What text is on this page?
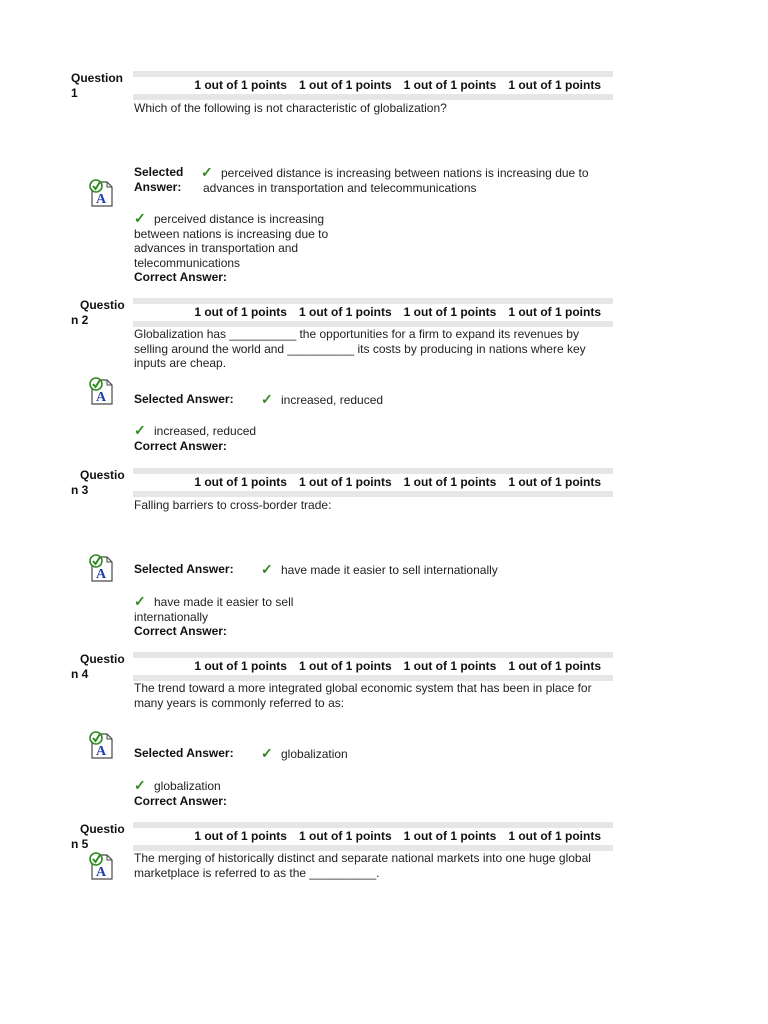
Question
1
1 out of 1 points 1 out of 1 points 1 out of 1 points 1 out of 1 points
Which of the following is not characteristic of globalization?
A
Selected
Answer:
✓ perceived distance is increasing between nations is increasing due to
advances in transportation and telecommunications
✓ perceived distance is increasing between nations is increasing due to advances in transportation and telecommunications
Correct Answer:
Questio
n 2
1 out of 1 points 1 out of 1 points 1 out of 1 points 1 out of 1 points
Globalization has __________ the opportunities for a firm to expand its revenues by selling around the world and __________ its costs by producing in nations where key inputs are cheap.
A Selected Answer: ✓ increased, reduced
✓ increased, reduced
Correct Answer:
Questio
n 3
1 out of 1 points 1 out of 1 points 1 out of 1 points 1 out of 1 points
Falling barriers to cross-border trade:
A Selected Answer: ✓ have made it easier to sell internationally
✓ have made it easier to sell internationally
Correct Answer:
Questio
n 4
1 out of 1 points 1 out of 1 points 1 out of 1 points 1 out of 1 points
The trend toward a more integrated global economic system that has been in place for many years is commonly referred to as:
A Selected Answer: ✓ globalization
✓ globalization
Correct Answer:
Questio
n 5
1 out of 1 points 1 out of 1 points 1 out of 1 points 1 out of 1 points
The merging of historically distinct and separate national markets into one huge global marketplace is referred to as the __________.
A
